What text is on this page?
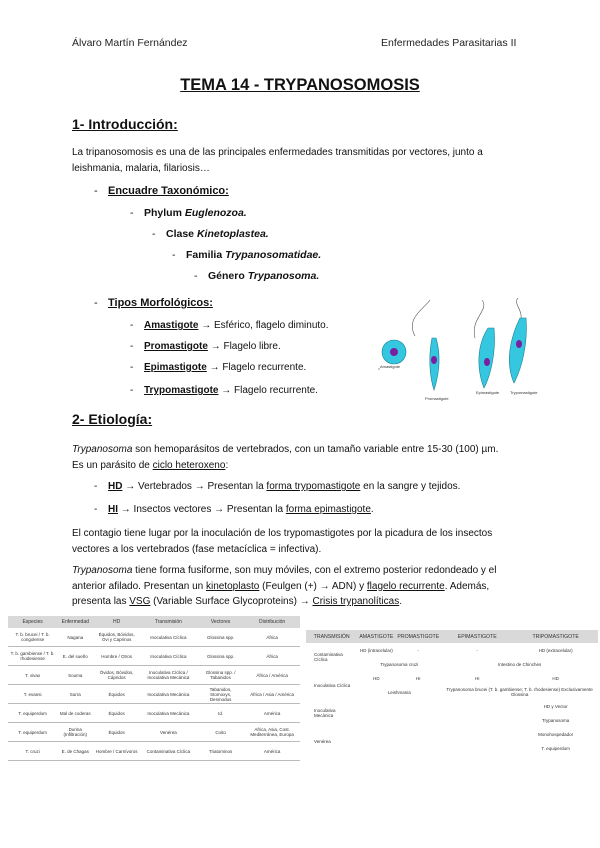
Álvaro Martín Fernández	Enfermedades Parasitarias II
TEMA 14 - TRYPANOSOMOSIS
1- Introducción:
La tripanosomosis es una de las principales enfermedades transmitidas por vectores, junto a leishmania, malaria, filariosis…
- Encuadre Taxonómico:
- Phylum Euglenozoa.
- Clase Kinetoplastea.
- Familia Trypanosomatidae.
- Género Trypanosoma.
- Tipos Morfológicos:
- Amastigote → Esférico, flagelo diminuto.
- Promastigote → Flagelo libre.
- Epimastigote → Flagelo recurrente.
- Trypomastigote → Flagelo recurrente.
Amastigote
Promastigote
Epimastigote	Trypomastigote
2- Etiología:
Trypanosoma son hemoparásitos de vertebrados, con un tamaño variable entre 15-30 (100) µm.
Es un parásito de ciclo heteroxeno:
- HD → Vertebrados → Presentan la forma trypomastigote en la sangre y tejidos.
- HI → Insectos vectores → Presentan la forma epimastigote.
El contagio tiene lugar por la inoculación de los trypomastigotes por la picadura de los insectos vectores a los vertebrados (fase metacíclica = infectiva).
Trypanosoma tiene forma fusiforme, son muy móviles, con el extremo posterior redondeado y el anterior afilado. Presentan un kinetoplasto (Feulgen (+) → ADN) y flagelo recurrente. Además, presenta las VSG (Variable Surface Glycoproteins) → Crisis trypanolíticas.
Especies	Enfermedad	HD	Transmisión	Vectores	Distribución
T. b. brucei / T. b. congolense	Nagana	Équidos, Bóvidos, Ovi y Caprinos	Inoculativa Cíclica	Glossina spp.	África
T. b. gambiense / T. b. rhodesiense	E. del sueño	Hombre / Otros	Inoculativa Cíclica	Glossina spp.	África
T. vivax	Souma	Óvidos, Bóvidos, Cápridos	Inoculativa Cíclica / Inoculativa Mecánica	Glossina spp. / Tabanidos	África / América
T. evansi	Surra	Équidos	Inoculativa Mecánica	Tabanidos, Stomoxys, Desmodus	África / Asia / América
T. equiperdum	Mal de coderas	Équidos	Inoculativa Mecánica	Id.	América
T. equiperdum	Durina (Infiltración)	Équidos	Venérea	Coito	Africa, Asia, Cost. Mediterránea, Europa
T. cruzi	E. de Chagas	Hombre / Carnívoros	Contaminativa Cíclica	Triatominos	América
TRANSMISIÓN	AMASTIGOTE	PROMASTIGOTE	EPIMASTIGOTE	TRIPOMASTIGOTE
Contaminativa Cíclica	HD (intracelular)	-	-	HD (extracelular)
	Trypanosoma cruzi		Intestino de Chinches	
Inoculativa Cíclica	HD	HI	HI	HD
	Leishmania		Trypanosoma brucei (T. b. gambiense; T. b. rhodesiense) Exclusivamente Glossina	
Inoculativa Mecánica				HD y Vector
				Trypanosoma
Venérea				Monohospedador
				T. equiperdum
